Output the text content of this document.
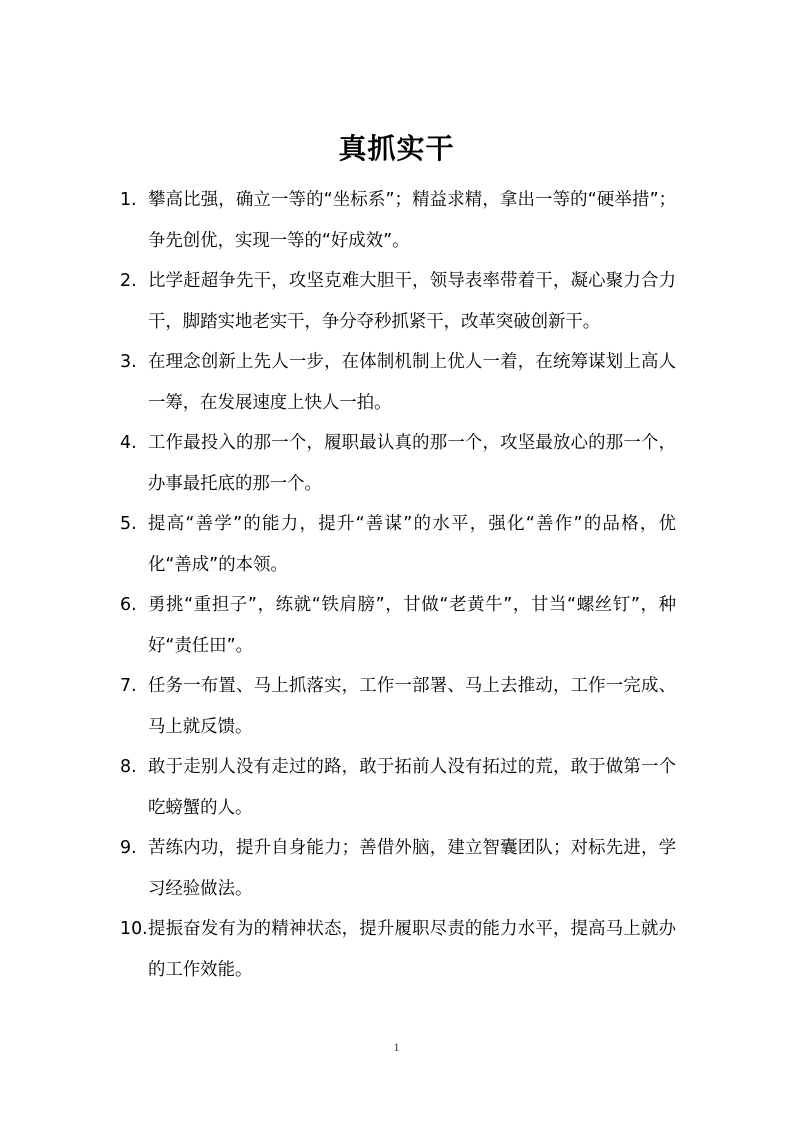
真抓实干
1. 攀高比强，确立一等的“坐标系”；精益求精，拿出一等的“硬举措”；争先创优，实现一等的“好成效”。
2. 比学赶超争先干，攻坚克难大胆干，领导表率带着干，凝心聚力合力干，脚踏实地老实干，争分夺秒抓紧干，改革突破创新干。
3. 在理念创新上先人一步，在体制机制上优人一着，在统筹谋划上高人一筹，在发展速度上快人一拍。
4. 工作最投入的那一个，履职最认真的那一个，攻坚最放心的那一个，办事最托底的那一个。
5. 提高“善学”的能力，提升“善谋”的水平，强化“善作”的品格，优化“善成”的本领。
6. 勇挑“重担子”，练就“铁肩膀”，甘做“老黄牛”，甘当“螺丝钉”，种好“责任田”。
7. 任务一布置、马上抓落实，工作一部署、马上去推动，工作一完成、马上就反馈。
8. 敢于走别人没有走过的路，敢于拓前人没有拓过的荒，敢于做第一个吃螃蟹的人。
9. 苦练内功，提升自身能力；善借外脑，建立智囊团队；对标先进，学习经验做法。
10. 提振奋发有为的精神状态，提升履职尽责的能力水平，提高马上就办的工作效能。
1
